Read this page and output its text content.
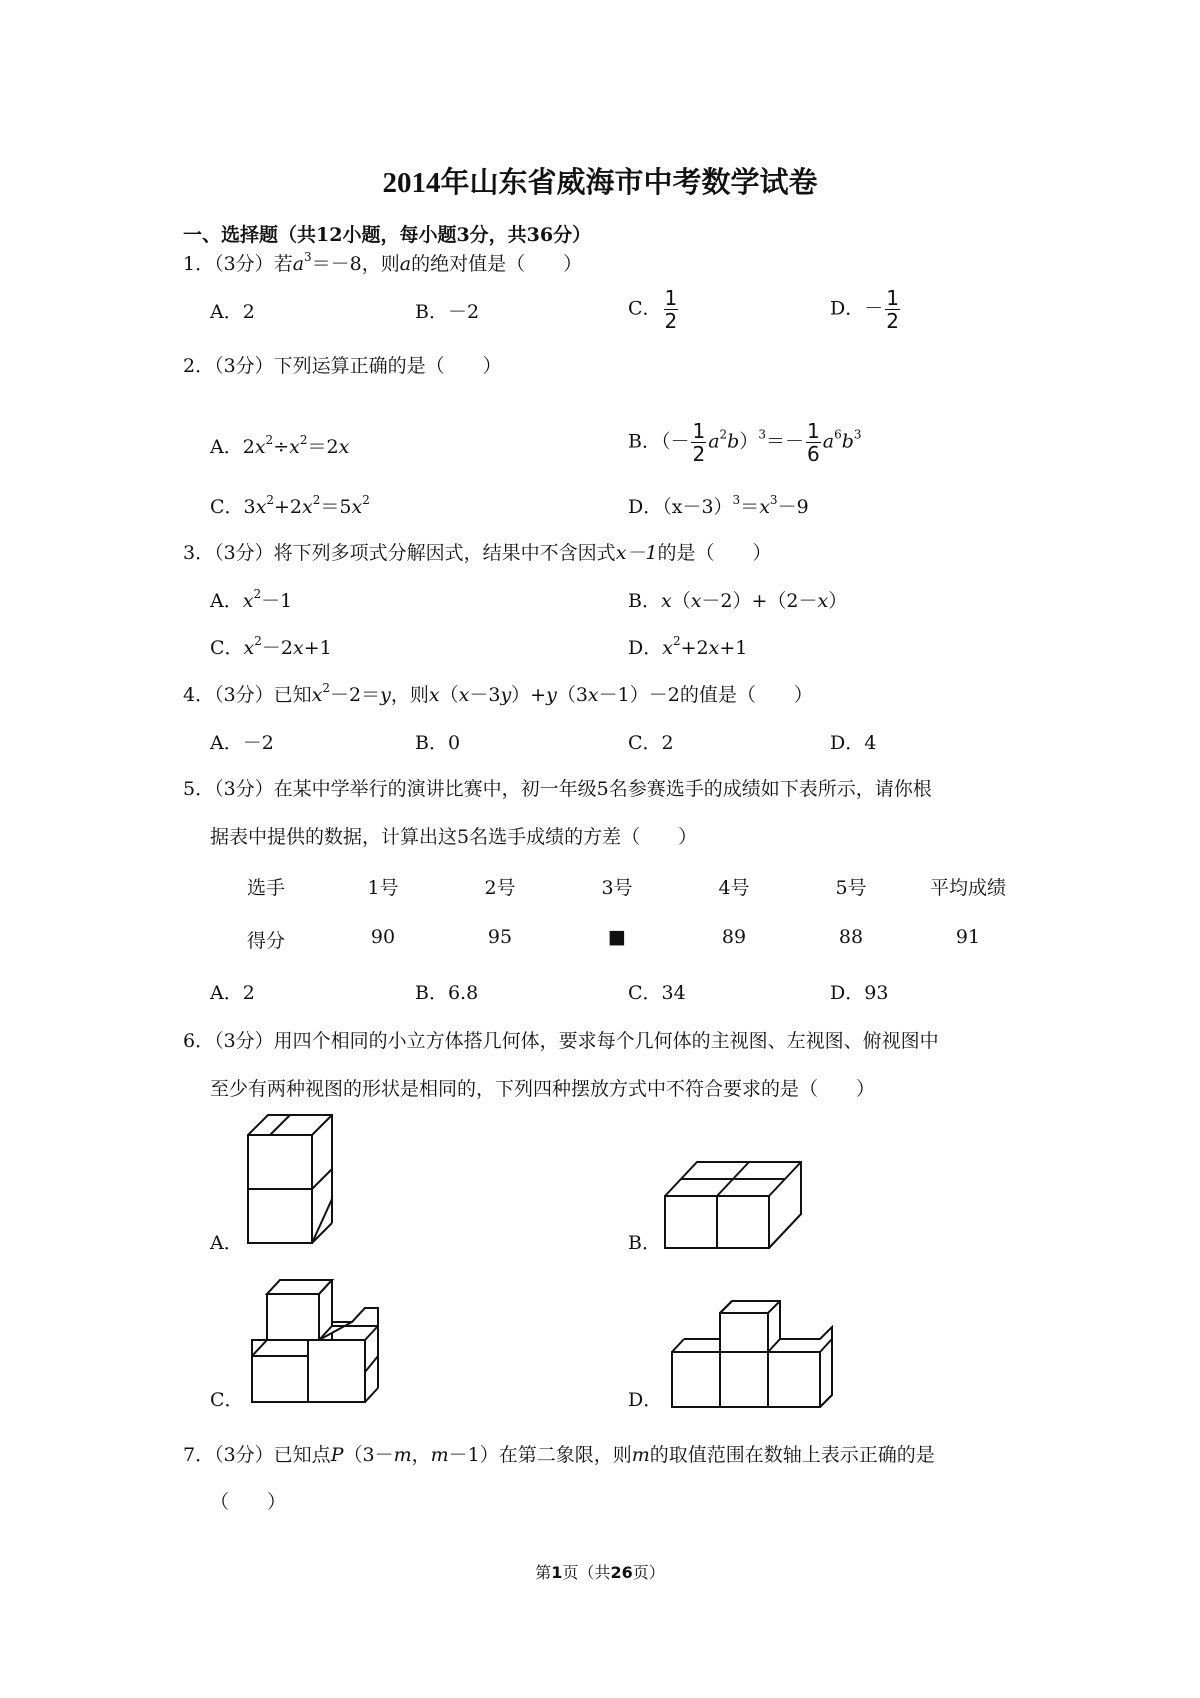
2014年山东省威海市中考数学试卷
一、选择题（共12小题，每小题3分，共36分）
1．（3分）若$a^3=-8$，则a的绝对值是（　　）
A．2	B．－2	C． $\frac{1}{2}$	D．－ $\frac{1}{2}$
2．（3分）下列运算正确的是（　　）
A．$2x^2\div x^2=2x$	B．（－ $\frac{1}{2} a^2b)^3=- \frac{1}{6} a^6b^3$
C．$3x^2+2x^2=5x^2$	D．$(x-3)^3=x^3-9$
3．（3分）将下列多项式分解因式，结果中不含因式x－1的是（　　）
A．$x^2-1$	B．x（x－2）+（2－x）
C．$x^2-2x+1$	D．$x^2+2x+1$
4．（3分）已知$x^2-2=y$，则x（x－3y）+y（3x－1）－2的值是（　　）
A．－2	B．0	C．2	D．4
5．（3分）在某中学举行的演讲比赛中，初一年级5名参赛选手的成绩如下表所示，请你根
据表中提供的数据，计算出这5名选手成绩的方差（　　）
选手	1号	2号	3号	4号	5号	平均成绩
得分	90	95	■	89	88	91
A．2	B．6.8	C．34	D．93
6．（3分）用四个相同的小立方体搭几何体，要求每个几何体的主视图、左视图、俯视图中
至少有两种视图的形状是相同的，下列四种摆放方式中不符合要求的是（　　）
A．	B．
C．	D．
7．（3分）已知点P（3－m，m－1）在第二象限，则m的取值范围在数轴上表示正确的是
（　　）
第1页（共26页）
